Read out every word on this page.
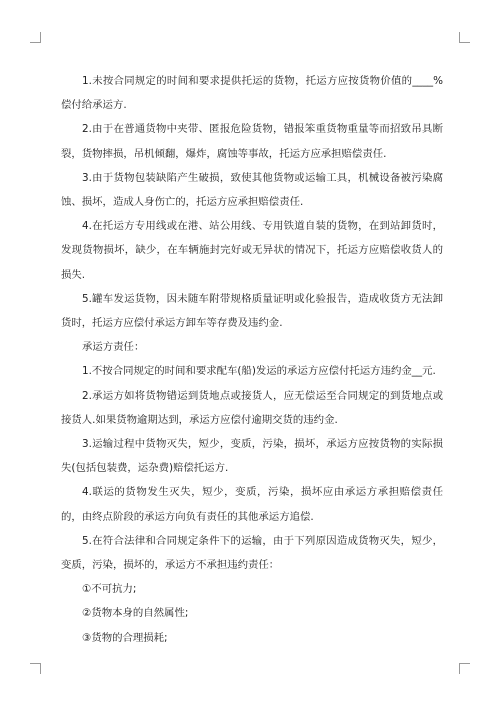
1.未按合同规定的时间和要求提供托运的货物，托运方应按货物价值的____%偿付给承运方.

2.由于在普通货物中夹带、匿报危险货物，错报笨重货物重量等而招致吊具断裂，货物摔损，吊机倾翻，爆炸，腐蚀等事故，托运方应承担赔偿责任.

3.由于货物包装缺陷产生破损，致使其他货物或运输工具，机械设备被污染腐蚀、损坏，造成人身伤亡的，托运方应承担赔偿责任.

4.在托运方专用线或在港、站公用线、专用铁道自装的货物，在到站卸货时，发现货物损坏，缺少，在车辆施封完好或无异状的情况下，托运方应赔偿收货人的损失.

5.罐车发运货物，因未随车附带规格质量证明或化验报告，造成收货方无法卸货时，托运方应偿付承运方卸车等存费及违约金.

承运方责任：

1.不按合同规定的时间和要求配车(船)发运的承运方应偿付托运方违约金__元.

2.承运方如将货物错运到货地点或接货人，应无偿运至合同规定的到货地点或接货人.如果货物逾期达到，承运方应偿付逾期交货的违约金.

3.运输过程中货物灭失，短少，变质，污染，损坏，承运方应按货物的实际损失(包括包装费，运杂费)赔偿托运方.

4.联运的货物发生灭失，短少，变质，污染，损坏应由承运方承担赔偿责任的，由终点阶段的承运方向负有责任的其他承运方追偿.

5.在符合法律和合同规定条件下的运输，由于下列原因造成货物灭失，短少，变质，污染，损坏的，承运方不承担违约责任：

①不可抗力;

②货物本身的自然属性;

③货物的合理损耗;
